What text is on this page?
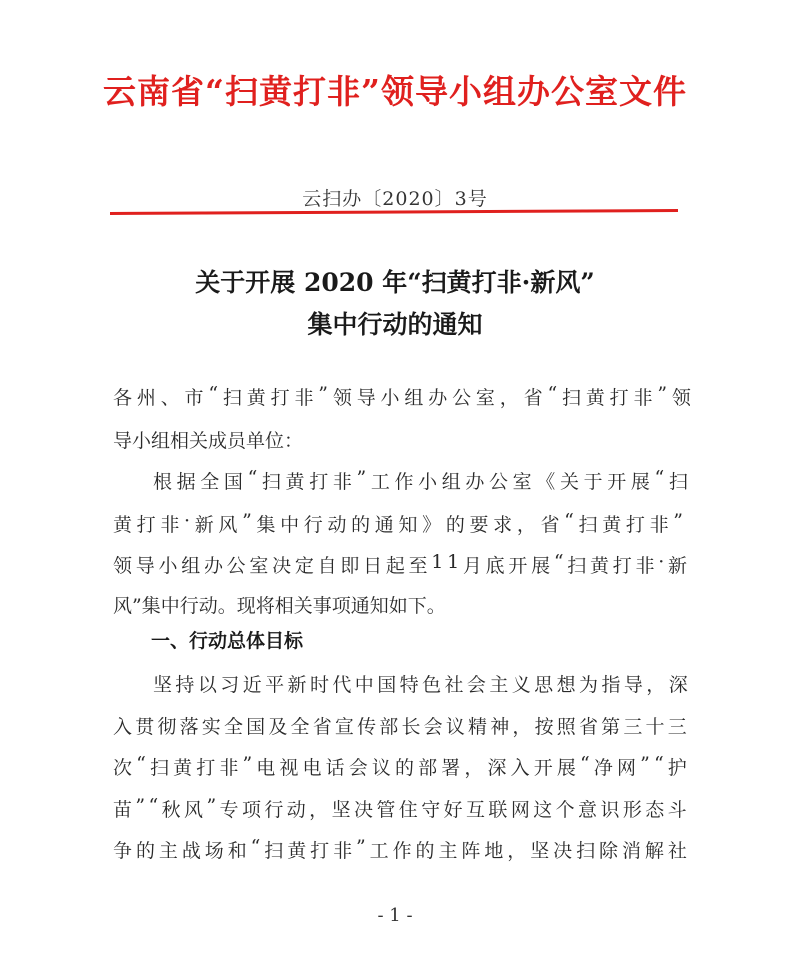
云南省“扫黄打非”领导小组办公室文件
云扫办〔2020〕3号
关于开展 2020 年“扫黄打非·新风”
集中行动的通知
各 州 、 市 “ 扫 黄 打 非 ” 领 导 小 组 办 公 室 ， 省 “ 扫 黄 打 非 ” 领
导小组相关成员单位：
根 据 全 国 “ 扫 黄 打 非 ” 工 作 小 组 办 公 室 《 关 于 开 展 “ 扫
黄 打 非 · 新 风 ” 集 中 行 动 的 通 知 》 的 要 求 ， 省 “ 扫 黄 打 非 ”
领 导 小 组 办 公 室 决 定 自 即 日 起 至 1 1 月 底 开 展 “ 扫 黄 打 非 · 新
风”集中行动。现将相关事项通知如下。
一、行动总体目标
坚 持 以 习 近 平 新 时 代 中 国 特 色 社 会 主 义 思 想 为 指 导 ， 深
入 贯 彻 落 实 全 国 及 全 省 宣 传 部 长 会 议 精 神 ， 按 照 省 第 三 十 三
次 “ 扫 黄 打 非 ” 电 视 电 话 会 议 的 部 署 ， 深 入 开 展 “ 净 网 ” “ 护
苗 ” “ 秋 风 ” 专 项 行 动 ， 坚 决 管 住 守 好 互 联 网 这 个 意 识 形 态 斗
争 的 主 战 场 和 “ 扫 黄 打 非 ” 工 作 的 主 阵 地 ， 坚 决 扫 除 消 解 社
- 1 -
